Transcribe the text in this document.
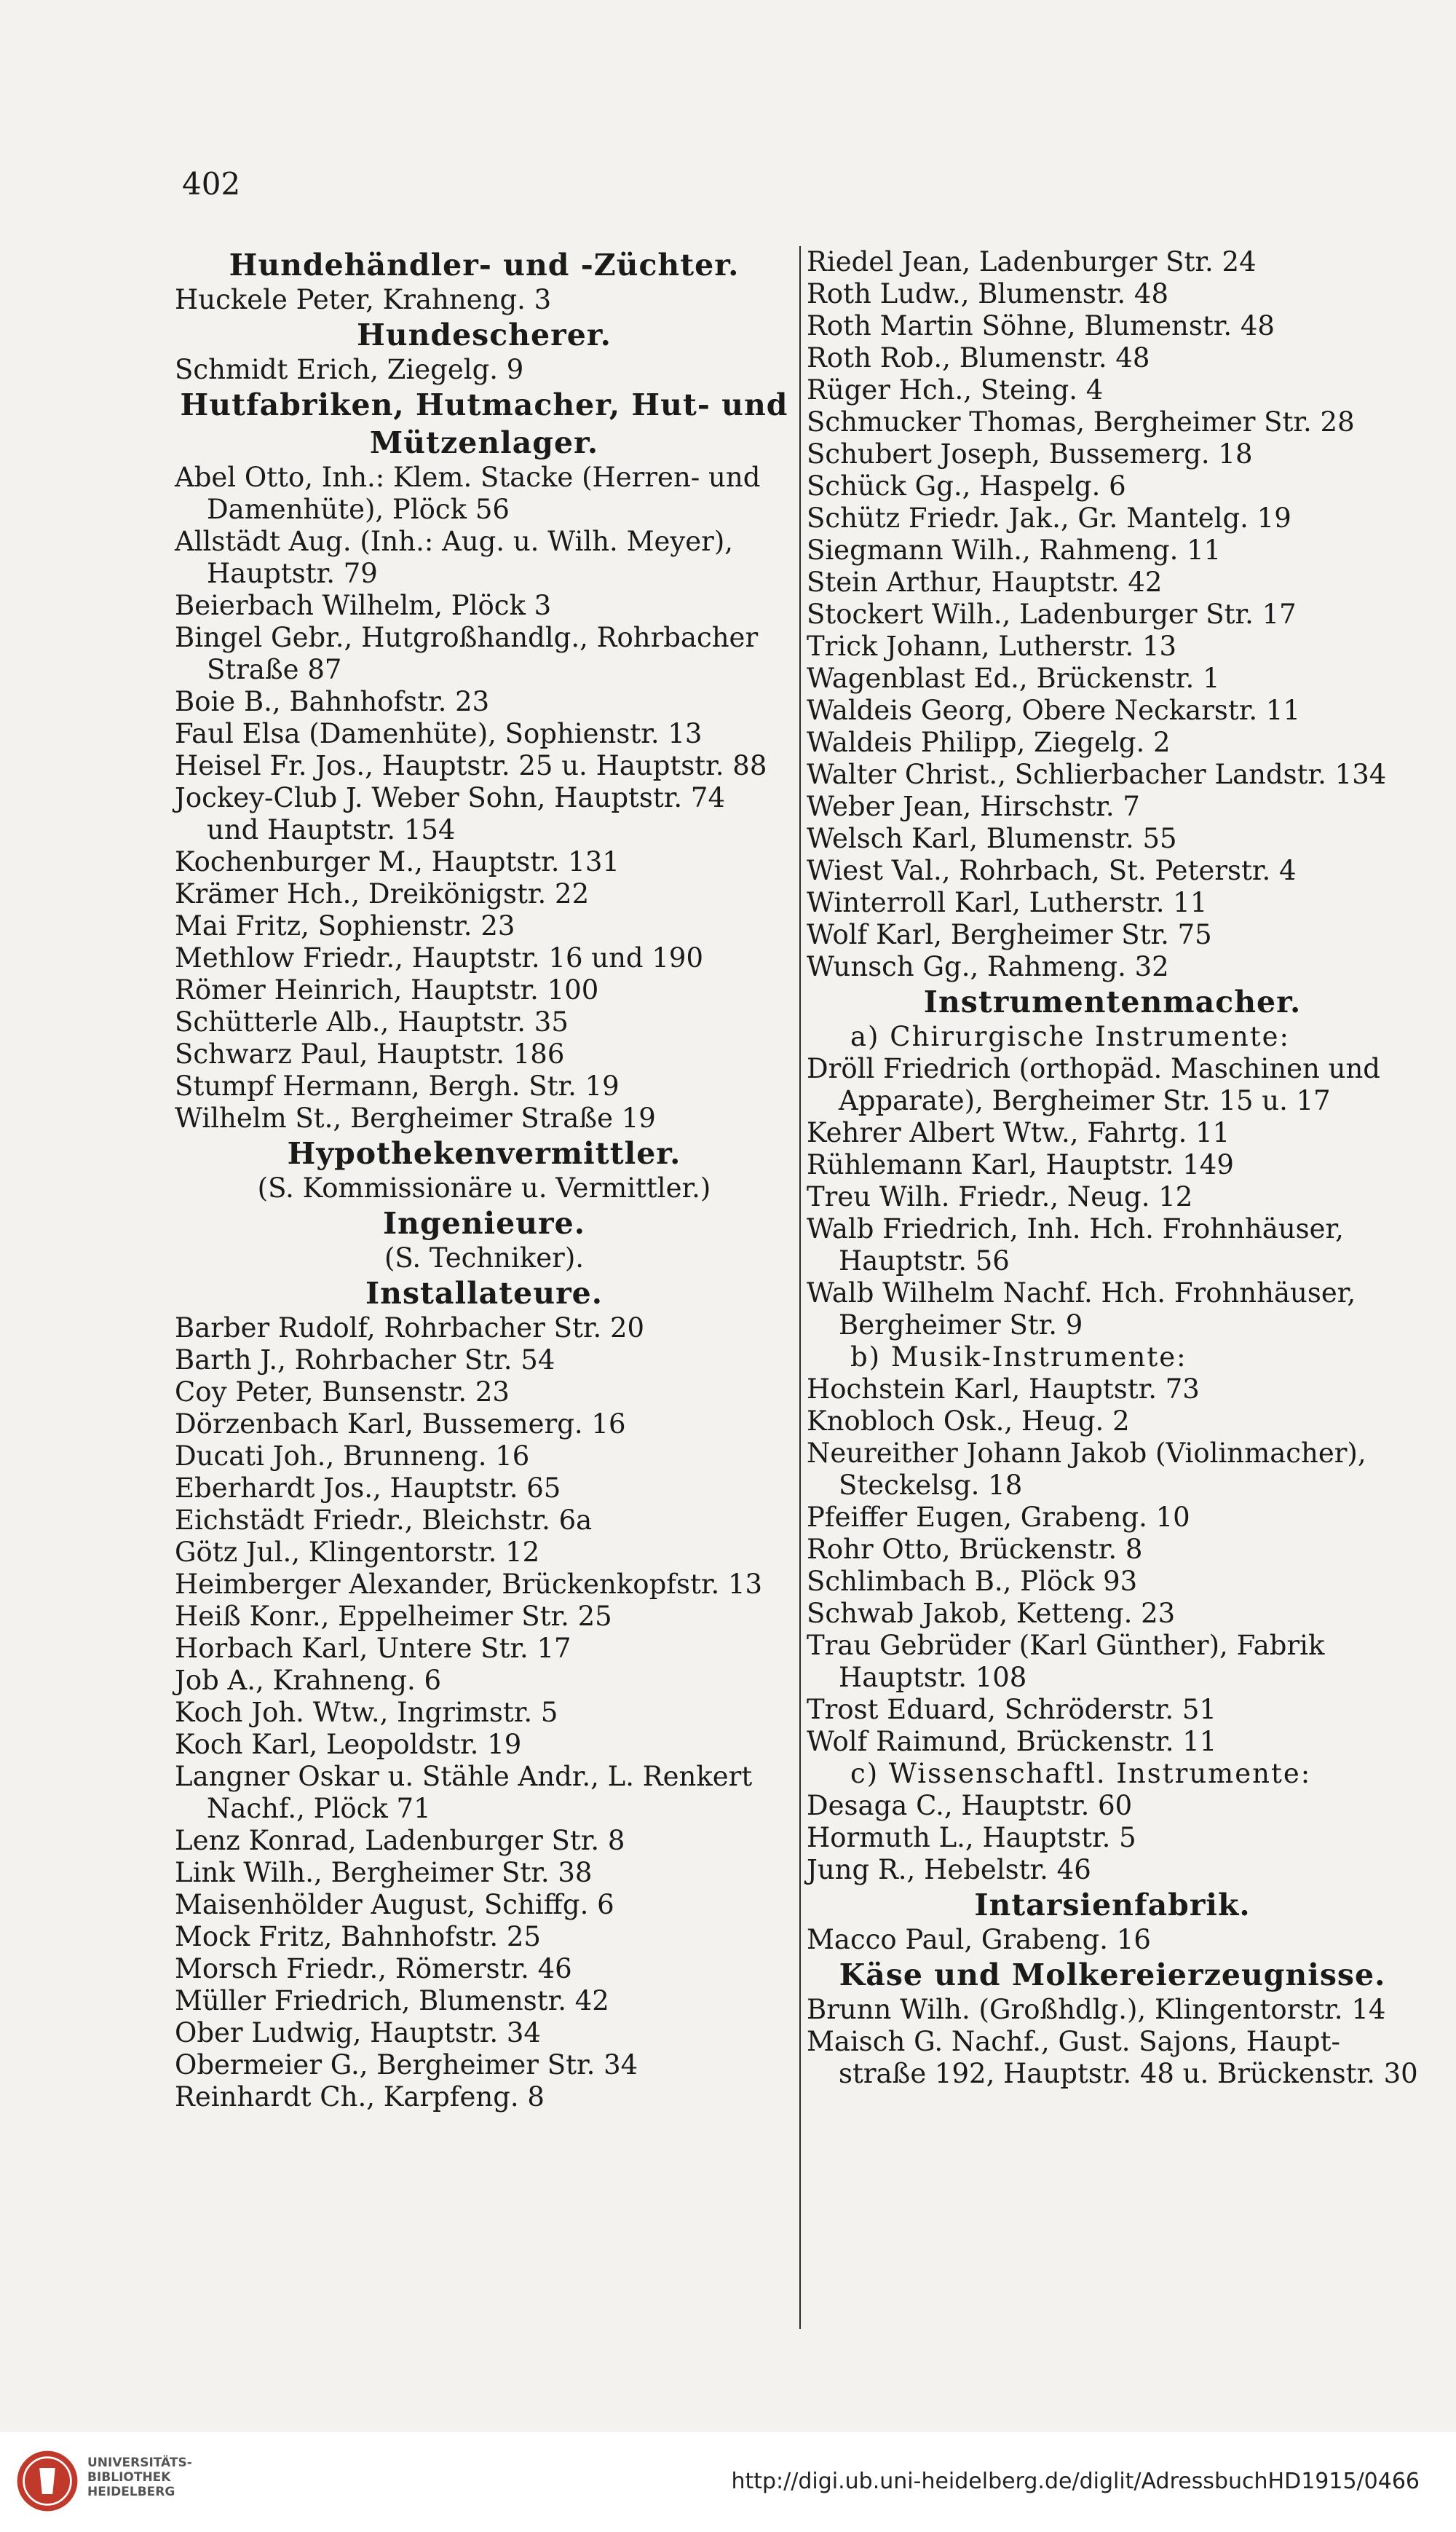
402
Hundehändler- und -Züchter.
Huckele Peter, Krahneng. 3
Hundescherer.
Schmidt Erich, Ziegelg. 9
Hutfabriken, Hutmacher, Hut- und
Mützenlager.
Abel Otto, Inh.: Klem. Stacke (Herren- und
Damenhüte), Plöck 56
Allstädt Aug. (Inh.: Aug. u. Wilh. Meyer),
Hauptstr. 79
Beierbach Wilhelm, Plöck 3
Bingel Gebr., Hutgroßhandlg., Rohrbacher
Straße 87
Boie B., Bahnhofstr. 23
Faul Elsa (Damenhüte), Sophienstr. 13
Heisel Fr. Jos., Hauptstr. 25 u. Hauptstr. 88
Jockey-Club J. Weber Sohn, Hauptstr. 74
und Hauptstr. 154
Kochenburger M., Hauptstr. 131
Krämer Hch., Dreikönigstr. 22
Mai Fritz, Sophienstr. 23
Methlow Friedr., Hauptstr. 16 und 190
Römer Heinrich, Hauptstr. 100
Schütterle Alb., Hauptstr. 35
Schwarz Paul, Hauptstr. 186
Stumpf Hermann, Bergh. Str. 19
Wilhelm St., Bergheimer Straße 19
Hypothekenvermittler.
(S. Kommissionäre u. Vermittler.)
Ingenieure.
(S. Techniker).
Installateure.
Barber Rudolf, Rohrbacher Str. 20
Barth J., Rohrbacher Str. 54
Coy Peter, Bunsenstr. 23
Dörzenbach Karl, Bussemerg. 16
Ducati Joh., Brunneng. 16
Eberhardt Jos., Hauptstr. 65
Eichstädt Friedr., Bleichstr. 6a
Götz Jul., Klingentorstr. 12
Heimberger Alexander, Brückenkopfstr. 13
Heiß Konr., Eppelheimer Str. 25
Horbach Karl, Untere Str. 17
Job A., Krahneng. 6
Koch Joh. Wtw., Ingrimstr. 5
Koch Karl, Leopoldstr. 19
Langner Oskar u. Stähle Andr., L. Renkert
Nachf., Plöck 71
Lenz Konrad, Ladenburger Str. 8
Link Wilh., Bergheimer Str. 38
Maisenhölder August, Schiffg. 6
Mock Fritz, Bahnhofstr. 25
Morsch Friedr., Römerstr. 46
Müller Friedrich, Blumenstr. 42
Ober Ludwig, Hauptstr. 34
Obermeier G., Bergheimer Str. 34
Reinhardt Ch., Karpfeng. 8
Riedel Jean, Ladenburger Str. 24
Roth Ludw., Blumenstr. 48
Roth Martin Söhne, Blumenstr. 48
Roth Rob., Blumenstr. 48
Rüger Hch., Steing. 4
Schmucker Thomas, Bergheimer Str. 28
Schubert Joseph, Bussemerg. 18
Schück Gg., Haspelg. 6
Schütz Friedr. Jak., Gr. Mantelg. 19
Siegmann Wilh., Rahmeng. 11
Stein Arthur, Hauptstr. 42
Stockert Wilh., Ladenburger Str. 17
Trick Johann, Lutherstr. 13
Wagenblast Ed., Brückenstr. 1
Waldeis Georg, Obere Neckarstr. 11
Waldeis Philipp, Ziegelg. 2
Walter Christ., Schlierbacher Landstr. 134
Weber Jean, Hirschstr. 7
Welsch Karl, Blumenstr. 55
Wiest Val., Rohrbach, St. Peterstr. 4
Winterroll Karl, Lutherstr. 11
Wolf Karl, Bergheimer Str. 75
Wunsch Gg., Rahmeng. 32
Instrumentenmacher.
a) Chirurgische Instrumente:
Dröll Friedrich (orthopäd. Maschinen und
Apparate), Bergheimer Str. 15 u. 17
Kehrer Albert Wtw., Fahrtg. 11
Rühlemann Karl, Hauptstr. 149
Treu Wilh. Friedr., Neug. 12
Walb Friedrich, Inh. Hch. Frohnhäuser,
Hauptstr. 56
Walb Wilhelm Nachf. Hch. Frohnhäuser,
Bergheimer Str. 9
b) Musik-Instrumente:
Hochstein Karl, Hauptstr. 73
Knobloch Osk., Heug. 2
Neureither Johann Jakob (Violinmacher),
Steckelsg. 18
Pfeiffer Eugen, Grabeng. 10
Rohr Otto, Brückenstr. 8
Schlimbach B., Plöck 93
Schwab Jakob, Ketteng. 23
Trau Gebrüder (Karl Günther), Fabrik
Hauptstr. 108
Trost Eduard, Schröderstr. 51
Wolf Raimund, Brückenstr. 11
c) Wissenschaftl. Instrumente:
Desaga C., Hauptstr. 60
Hormuth L., Hauptstr. 5
Jung R., Hebelstr. 46
Intarsienfabrik.
Macco Paul, Grabeng. 16
Käse und Molkereierzeugnisse.
Brunn Wilh. (Großhdlg.), Klingentorstr. 14
Maisch G. Nachf., Gust. Sajons, Haupt-
straße 192, Hauptstr. 48 u. Brückenstr. 30
UNIVERSITÄTS-
BIBLIOTHEK
HEIDELBERG	http://digi.ub.uni-heidelberg.de/diglit/AdressbuchHD1915/0466
